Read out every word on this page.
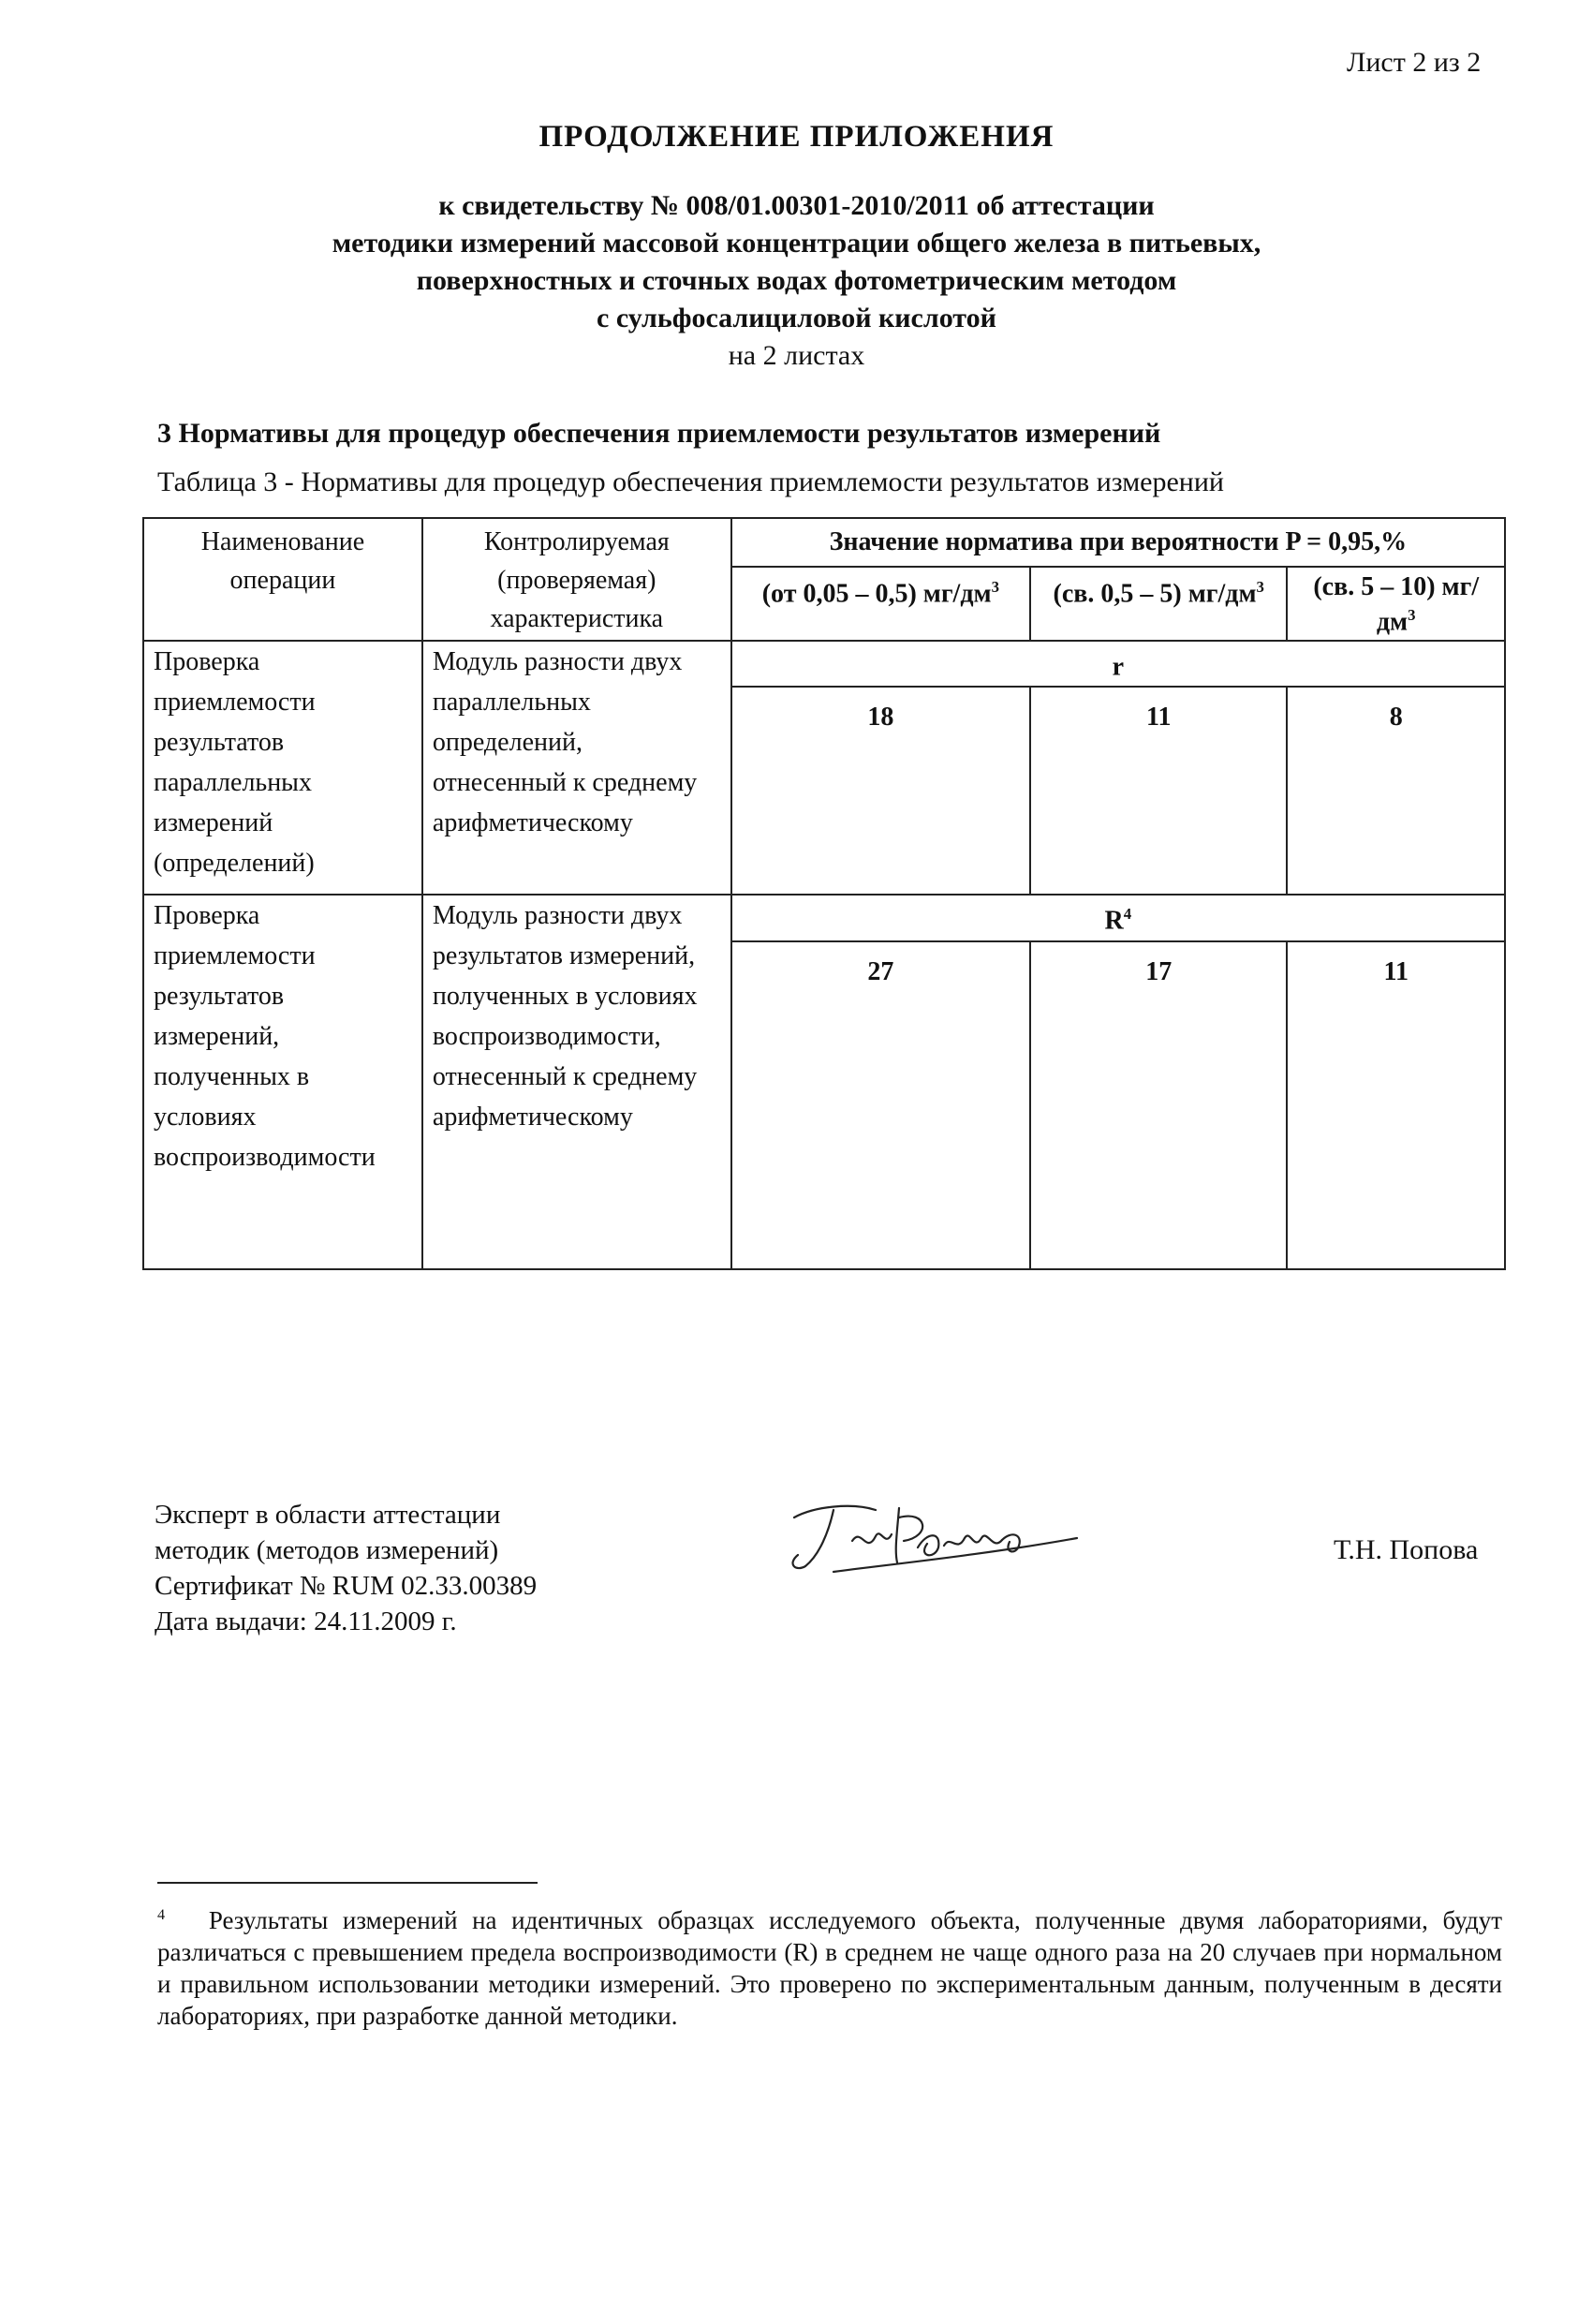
Лист 2 из 2
ПРОДОЛЖЕНИЕ ПРИЛОЖЕНИЯ
к свидетельству № 008/01.00301-2010/2011 об аттестации
методики измерений массовой концентрации общего железа в питьевых,
поверхностных и сточных водах фотометрическим методом
с сульфосалициловой кислотой
на 2 листах
3 Нормативы для процедур обеспечения приемлемости результатов измерений
Таблица 3 - Нормативы для процедур обеспечения приемлемости результатов измерений
Наименование операции	Контролируемая (проверяемая) характеристика	Значение норматива при вероятности P = 0,95,%		
		(от 0,05 – 0,5) $мг/дм^3$	(св. 0,5 – 5) $мг/дм^3$	(св. 5 – 10) $мг/дм^3$
Проверка приемлемости результатов параллельных измерений (определений)	Модуль разности двух параллельных определений, отнесенный к среднему арифметическому	r		
		18	11	8
Проверка приемлемости результатов измерений, полученных в условиях воспроизводимости	Модуль разности двух результатов измерений, полученных в условиях воспроизводимости, отнесенный к среднему арифметическому	$R^4$
		27	17	11
Эксперт в области аттестации
методик (методов измерений)
Сертификат № RUM 02.33.00389
Дата выдачи: 24.11.2009 г.
Т.Н. Попова
$^4$ Результаты измерений на идентичных образцах исследуемого объекта, полученные двумя лабораториями, будут различаться с превышением предела воспроизводимости (R) в среднем не чаще одного раза на 20 случаев при нормальном и правильном использовании методики измерений. Это проверено по экспериментальным данным, полученным в десяти лабораториях, при разработке данной методики.
